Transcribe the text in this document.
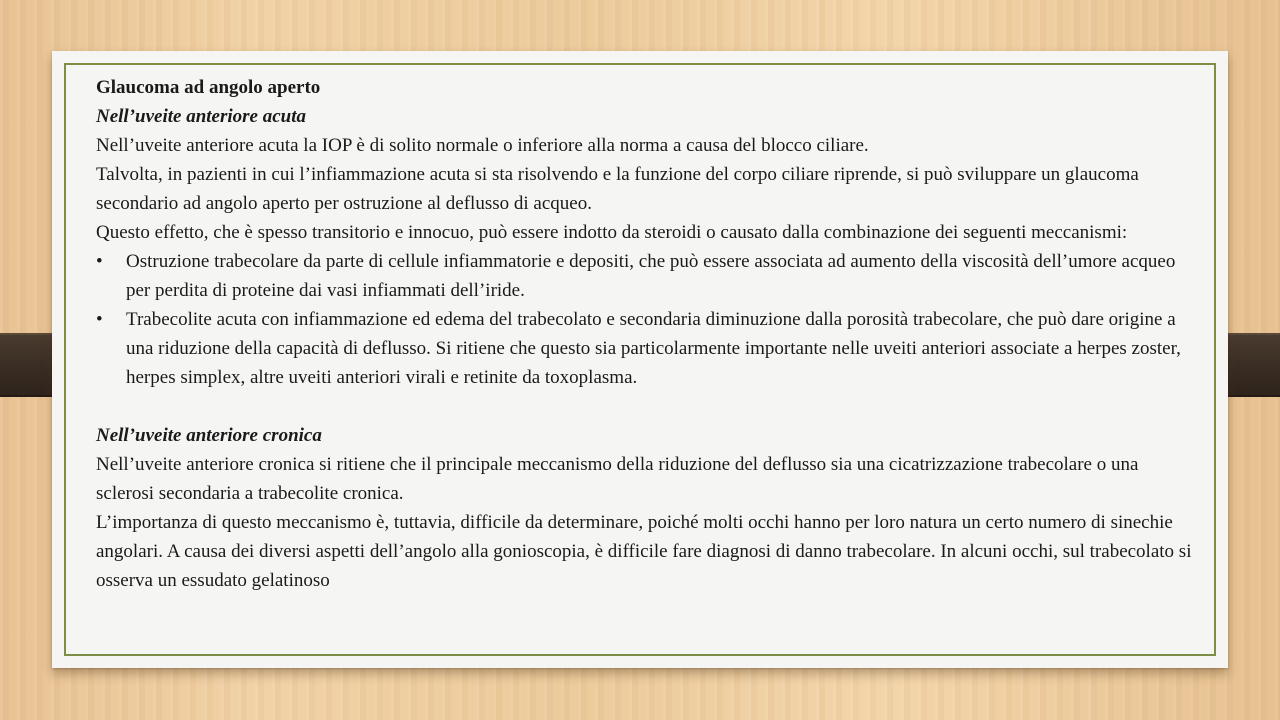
Glaucoma ad angolo aperto

Nell’uveite anteriore acuta

Nell’uveite anteriore acuta la IOP è di solito normale o inferiore alla norma a causa del blocco ciliare.

Talvolta, in pazienti in cui l’infiammazione acuta si sta risolvendo e la funzione del corpo ciliare riprende, si può sviluppare un glaucoma secondario ad angolo aperto per ostruzione al deflusso di acqueo.

Questo effetto, che è spesso transitorio e innocuo, può essere indotto da steroidi o causato dalla combinazione dei seguenti meccanismi:

• Ostruzione trabecolare da parte di cellule infiammatorie e depositi, che può essere associata ad aumento della viscosità dell’umore acqueo per perdita di proteine dai vasi infiammati dell’iride.
• Trabecolite acuta con infiammazione ed edema del trabecolato e secondaria diminuzione dalla porosità trabecolare, che può dare origine a una riduzione della capacità di deflusso. Si ritiene che questo sia particolarmente importante nelle uveiti anteriori associate a herpes zoster, herpes simplex, altre uveiti anteriori virali e retinite da toxoplasma.

Nell’uveite anteriore cronica

Nell’uveite anteriore cronica si ritiene che il principale meccanismo della riduzione del deflusso sia una cicatrizzazione trabecolare o una sclerosi secondaria a trabecolite cronica.

L’importanza di questo meccanismo è, tuttavia, difficile da determinare, poiché molti occhi hanno per loro natura un certo numero di sinechie angolari. A causa dei diversi aspetti dell’angolo alla gonioscopia, è difficile fare diagnosi di danno trabecolare. In alcuni occhi, sul trabecolato si osserva un essudato gelatinoso
